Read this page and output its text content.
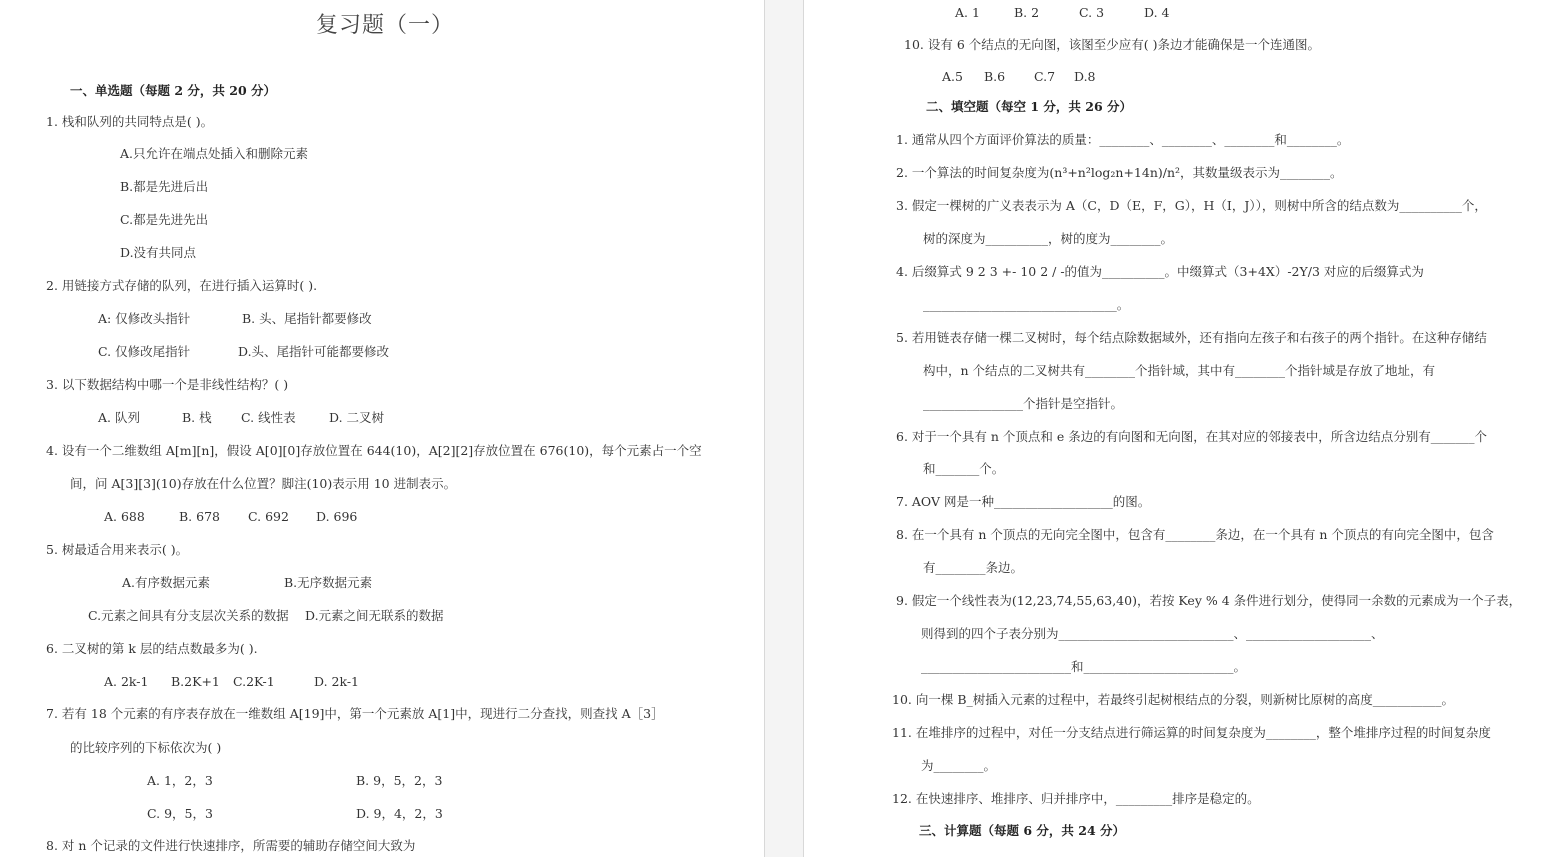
复习题（一）
一、单选题（每题 2 分，共 20 分）
1. 栈和队列的共同特点是( )。
A.只允许在端点处插入和删除元素
B.都是先进后出
C.都是先进先出
D.没有共同点
2. 用链接方式存储的队列，在进行插入运算时( ).
A: 仅修改头指针	B. 头、尾指针都要修改
C. 仅修改尾指针	D.头、尾指针可能都要修改
3. 以下数据结构中哪一个是非线性结构？( )
A. 队列	B. 栈 C. 线性表	D. 二叉树
4. 设有一个二维数组 A[m][n]，假设 A[0][0]存放位置在 644(10)，A[2][2]存放位置在 676(10)，每个元素占一个空
间，问 A[3][3](10)存放在什么位置？脚注(10)表示用 10 进制表示。
A. 688	B. 678 C. 692 D. 696
5. 树最适合用来表示( )。
A.有序数据元素	B.无序数据元素
C.元素之间具有分支层次关系的数据 D.元素之间无联系的数据
6. 二叉树的第 k 层的结点数最多为( ).
A. 2k-1 B.2K+1 C.2K-1	D. 2k-1
7. 若有 18 个元素的有序表存放在一维数组 A[19]中，第一个元素放 A[1]中，现进行二分查找，则查找 A［3］
的比较序列的下标依次为( )
A. 1，2，3	B. 9，5，2，3
C. 9，5，3	D. 9，4，2，3
8. 对 n 个记录的文件进行快速排序，所需要的辅助存储空间大致为
A. 1	B. 2	C. 3	D. 4
10. 设有 6 个结点的无向图，该图至少应有( )条边才能确保是一个连通图。
A.5 B.6 C.7 D.8
二、填空题（每空 1 分，共 26 分）
1. 通常从四个方面评价算法的质量：________、________、________和________。
2. 一个算法的时间复杂度为(n³+n²log₂n+14n)/n²，其数量级表示为________。
3. 假定一棵树的广义表表示为 A（C，D（E，F，G），H（I，J）），则树中所含的结点数为__________个，
树的深度为__________，树的度为________。
4. 后缀算式 9 2 3 +- 10 2 / -的值为__________。中缀算式（3+4X）-2Y/3 对应的后缀算式为
_______________________________。
5. 若用链表存储一棵二叉树时，每个结点除数据域外，还有指向左孩子和右孩子的两个指针。在这种存储结
构中，n 个结点的二叉树共有________个指针域，其中有________个指针域是存放了地址，有
________________个指针是空指针。
6. 对于一个具有 n 个顶点和 e 条边的有向图和无向图，在其对应的邻接表中，所含边结点分别有_______个
和_______个。
7. AOV 网是一种___________________的图。
8. 在一个具有 n 个顶点的无向完全图中，包含有________条边，在一个具有 n 个顶点的有向完全图中，包含
有________条边。
9. 假定一个线性表为(12,23,74,55,63,40)，若按 Key % 4 条件进行划分，使得同一余数的元素成为一个子表，
则得到的四个子表分别为____________________________、____________________、
________________________和________________________。
10. 向一棵 B_树插入元素的过程中，若最终引起树根结点的分裂，则新树比原树的高度___________。
11. 在堆排序的过程中，对任一分支结点进行筛运算的时间复杂度为________，整个堆排序过程的时间复杂度
为________。
12. 在快速排序、堆排序、归并排序中，_________排序是稳定的。
三、计算题（每题 6 分，共 24 分）
